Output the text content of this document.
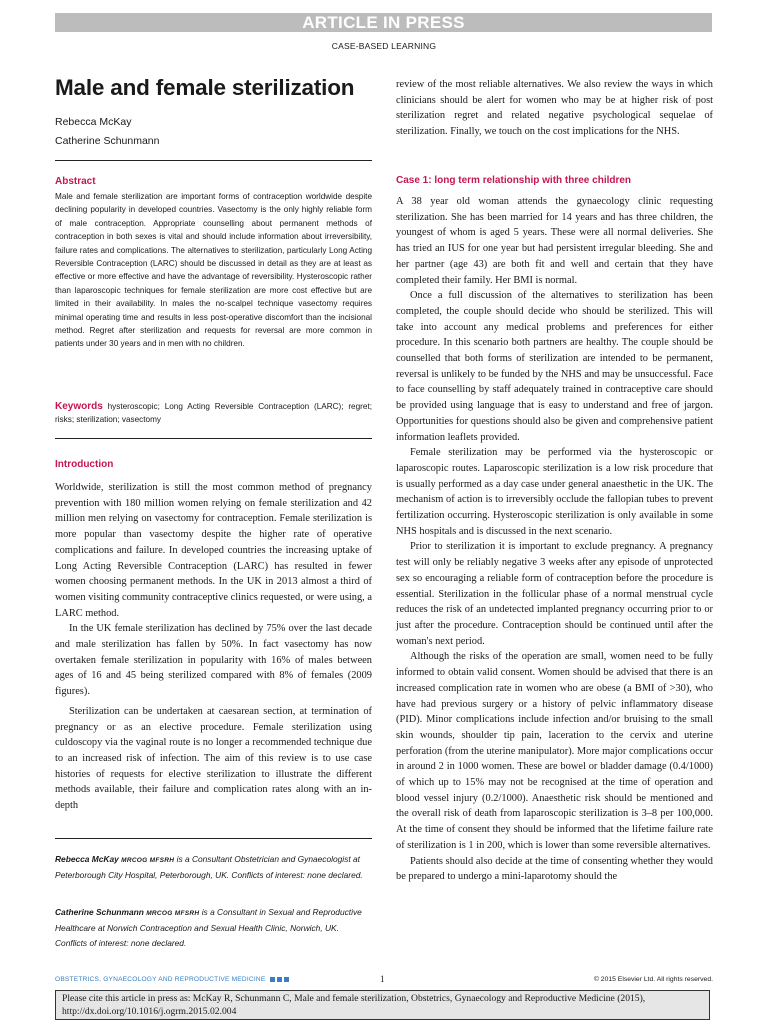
ARTICLE IN PRESS
CASE-BASED LEARNING
Male and female sterilization
Rebecca McKay
Catherine Schunmann
Abstract
Male and female sterilization are important forms of contraception worldwide despite declining popularity in developed countries. Vasectomy is the only highly reliable form of male contraception. Appropriate counselling about permanent methods of contraception in both sexes is vital and should include information about irreversibility, failure rates and complications. The alternatives to sterilization, particularly Long Acting Reversible Contraception (LARC) should be discussed in detail as they are at least as effective or more effective and have the advantage of reversibility. Hysteroscopic rather than laparoscopic techniques for female sterilization are more cost effective but are limited in their availability. In males the no-scalpel technique vasectomy requires minimal operating time and results in less post-operative discomfort than the incisional method. Regret after sterilization and requests for reversal are more common in patients under 30 years and in men with no children.
Keywords hysteroscopic; Long Acting Reversible Contraception (LARC); regret; risks; sterilization; vasectomy
Introduction

Worldwide, sterilization is still the most common method of pregnancy prevention with 180 million women relying on female sterilization and 42 million men relying on vasectomy for contraception. Female sterilization is more popular than vasectomy despite the higher rate of operative complications and failure. In developed countries the increasing uptake of Long Acting Reversible Contraception (LARC) has resulted in fewer women choosing permanent methods. In the UK in 2013 almost a third of women visiting community contraceptive clinics requested, or were using, a LARC method.

In the UK female sterilization has declined by 75% over the last decade and male sterilization has fallen by 50%. In fact vasectomy has now overtaken female sterilization in popularity with 16% of males between ages of 16 and 45 being sterilized compared with 8% of females (2009 figures).

Sterilization can be undertaken at caesarean section, at termination of pregnancy or as an elective procedure. Female sterilization using culdoscopy via the vaginal route is no longer a recommended technique due to an increased risk of infection. The aim of this review is to use case histories of requests for elective sterilization to illustrate the different methods available, their failure and complication rates along with an in-depth

Rebecca McKay MRCOG MFSRH is a Consultant Obstetrician and Gynaecologist at Peterborough City Hospital, Peterborough, UK. Conflicts of interest: none declared.
Catherine Schunmann MRCOG MFSRH is a Consultant in Sexual and Reproductive Healthcare at Norwich Contraception and Sexual Health Clinic, Norwich, UK. Conflicts of interest: none declared.

review of the most reliable alternatives. We also review the ways in which clinicians should be alert for women who may be at higher risk of post sterilization regret and related negative psychological sequelae of sterilization. Finally, we touch on the cost implications for the NHS.

Case 1: long term relationship with three children

A 38 year old woman attends the gynaecology clinic requesting sterilization. She has been married for 14 years and has three children, the youngest of whom is aged 5 years. These were all normal deliveries. She has tried an IUS for one year but had persistent irregular bleeding. She and her partner (age 43) are both fit and well and certain that they have completed their family. Her BMI is normal.

Once a full discussion of the alternatives to sterilization has been completed, the couple should decide who should be sterilized. This will take into account any medical problems and preferences for either procedure. In this scenario both partners are healthy. The couple should be counselled that both forms of sterilization are intended to be permanent, reversal is unlikely to be funded by the NHS and may be unsuccessful. Face to face counselling by staff adequately trained in contraceptive care should be provided using language that is easy to understand and free of jargon. Opportunities for questions should also be given and comprehensive patient information leaflets provided.

Female sterilization may be performed via the hysteroscopic or laparoscopic routes. Laparoscopic sterilization is a low risk procedure that is usually performed as a day case under general anaesthetic in the UK. The mechanism of action is to irreversibly occlude the fallopian tubes to prevent fertilization occurring. Hysteroscopic sterilization is only available in some NHS hospitals and is discussed in the next scenario.

Prior to sterilization it is important to exclude pregnancy. A pregnancy test will only be reliably negative 3 weeks after any episode of unprotected sex so encouraging a reliable form of contraception before the procedure is essential. Sterilization in the follicular phase of a normal menstrual cycle reduces the risk of an undetected implanted pregnancy occurring prior to or just after the procedure. Contraception should be continued until after the woman's next period.

Although the risks of the operation are small, women need to be fully informed to obtain valid consent. Women should be advised that there is an increased complication rate in women who are obese (a BMI of >30), who have had previous surgery or a history of pelvic inflammatory disease (PID). Minor complications include infection and/or bruising to the small skin wounds, shoulder tip pain, laceration to the cervix and uterine perforation (from the uterine manipulator). More major complications occur in around 2 in 1000 women. These are bowel or bladder damage (0.4/1000) of which up to 15% may not be recognised at the time of operation and blood vessel injury (0.2/1000). Anaesthetic risk should be mentioned and the overall risk of death from laparoscopic sterilization is 3–8 per 100,000. At the time of consent they should be informed that the lifetime failure rate of sterilization is 1 in 200, which is lower than some reversible alternatives.

Patients should also decide at the time of consenting whether they would be prepared to undergo a mini-laparotomy should the

OBSTETRICS, GYNAECOLOGY AND REPRODUCTIVE MEDICINE	1	© 2015 Elsevier Ltd. All rights reserved.
Please cite this article in press as: McKay R, Schunmann C, Male and female sterilization, Obstetrics, Gynaecology and Reproductive Medicine (2015), http://dx.doi.org/10.1016/j.ogrm.2015.02.004
